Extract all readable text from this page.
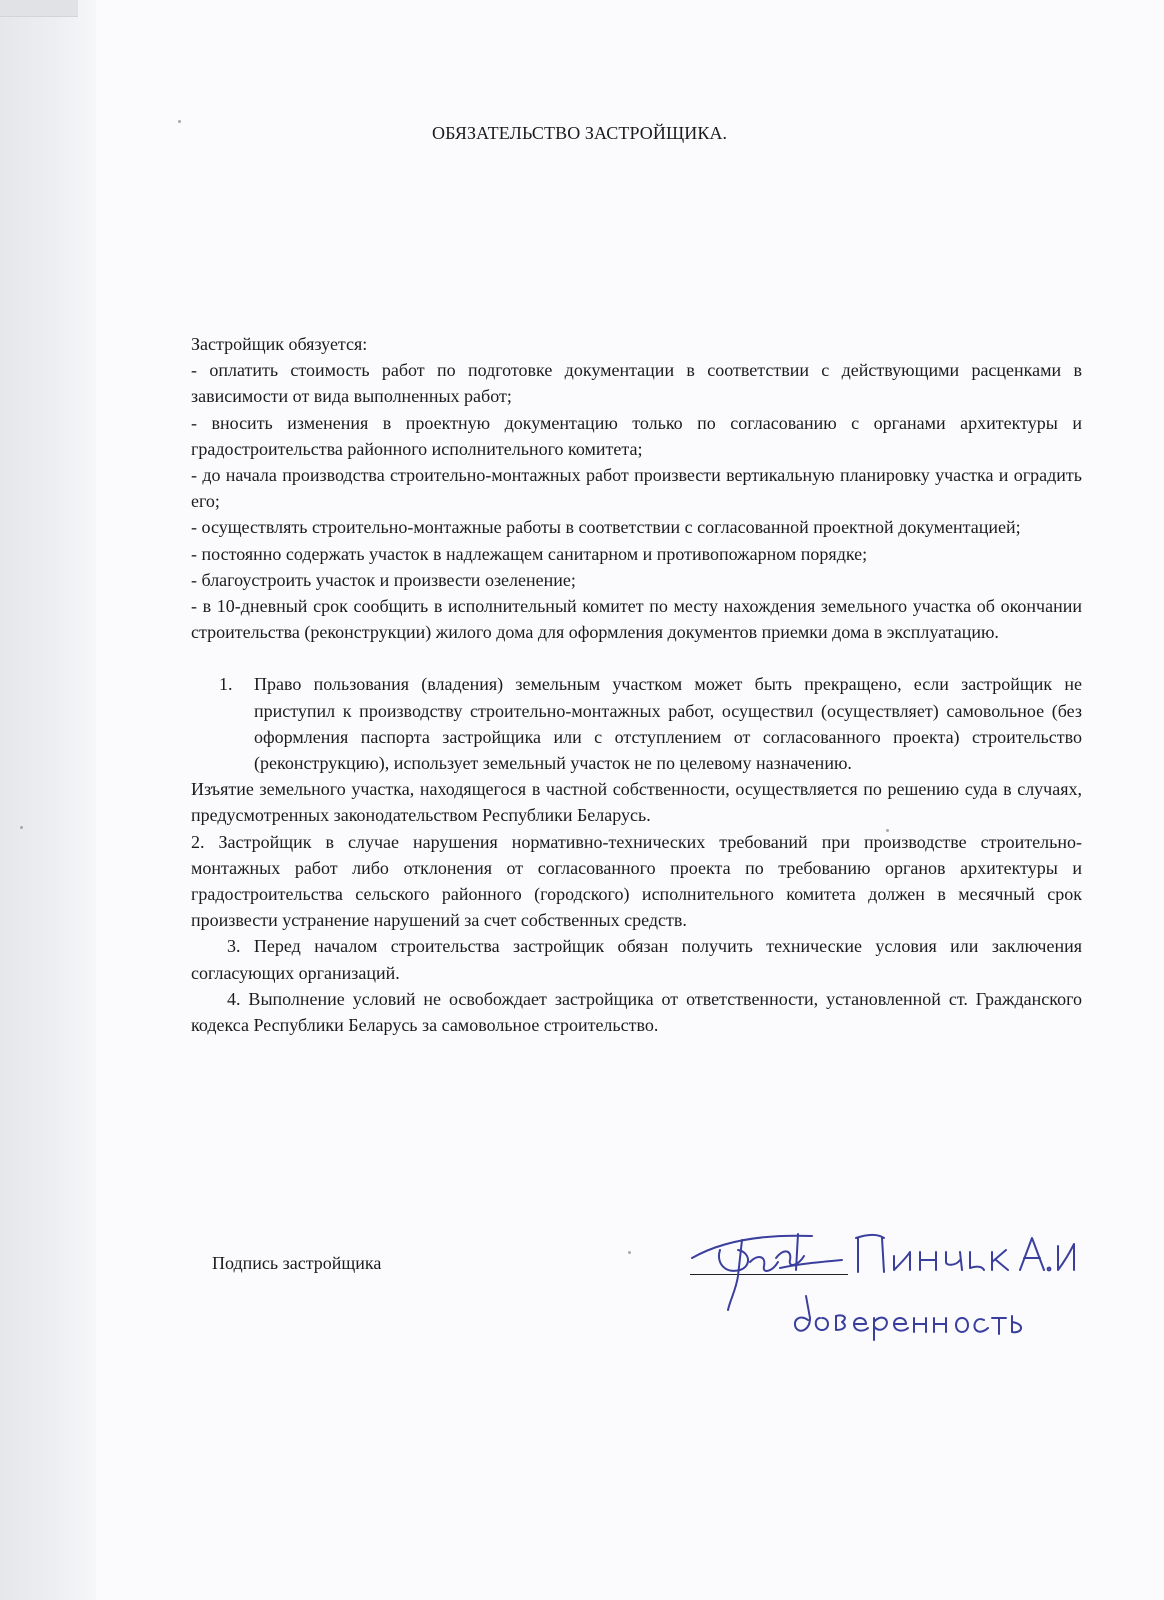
ОБЯЗАТЕЛЬСТВО ЗАСТРОЙЩИКА.

Застройщик обязуется:

- оплатить стоимость работ по подготовке документации в соответствии с действующими расценками в зависимости от вида выполненных работ;

- вносить изменения в проектную документацию только по согласованию с органами архитектуры и градостроительства районного исполнительного комитета;

- до начала производства строительно-монтажных работ произвести вертикальную планировку участка и оградить его;

- осуществлять строительно-монтажные работы в соответствии с согласованной проектной документацией;

- постоянно содержать участок в надлежащем санитарном и противопожарном порядке;

- благоустроить участок и произвести озеленение;

- в 10-дневный срок сообщить в исполнительный комитет по месту нахождения земельного участка об окончании строительства (реконструкции) жилого дома для оформления документов приемки дома в эксплуатацию.

1. Право пользования (владения) земельным участком может быть прекращено, если застройщик не приступил к производству строительно-монтажных работ, осуществил (осуществляет) самовольное (без оформления паспорта застройщика или с отступлением от согласованного проекта) строительство (реконструкцию), использует земельный участок не по целевому назначению.

Изъятие земельного участка, находящегося в частной собственности, осуществляется по решению суда в случаях, предусмотренных законодательством Республики Беларусь.

2. Застройщик в случае нарушения нормативно-технических требований при производстве строительно-монтажных работ либо отклонения от согласованного проекта по требованию органов архитектуры и градостроительства сельского районного (городского) исполнительного комитета должен в месячный срок произвести устранение нарушений за счет собственных средств.

3. Перед началом строительства застройщик обязан получить технические условия или заключения согласующих организаций.

4. Выполнение условий не освобождает застройщика от ответственности, установленной ст. Гражданского кодекса Республики Беларусь за самовольное строительство.

Подпись застройщика
